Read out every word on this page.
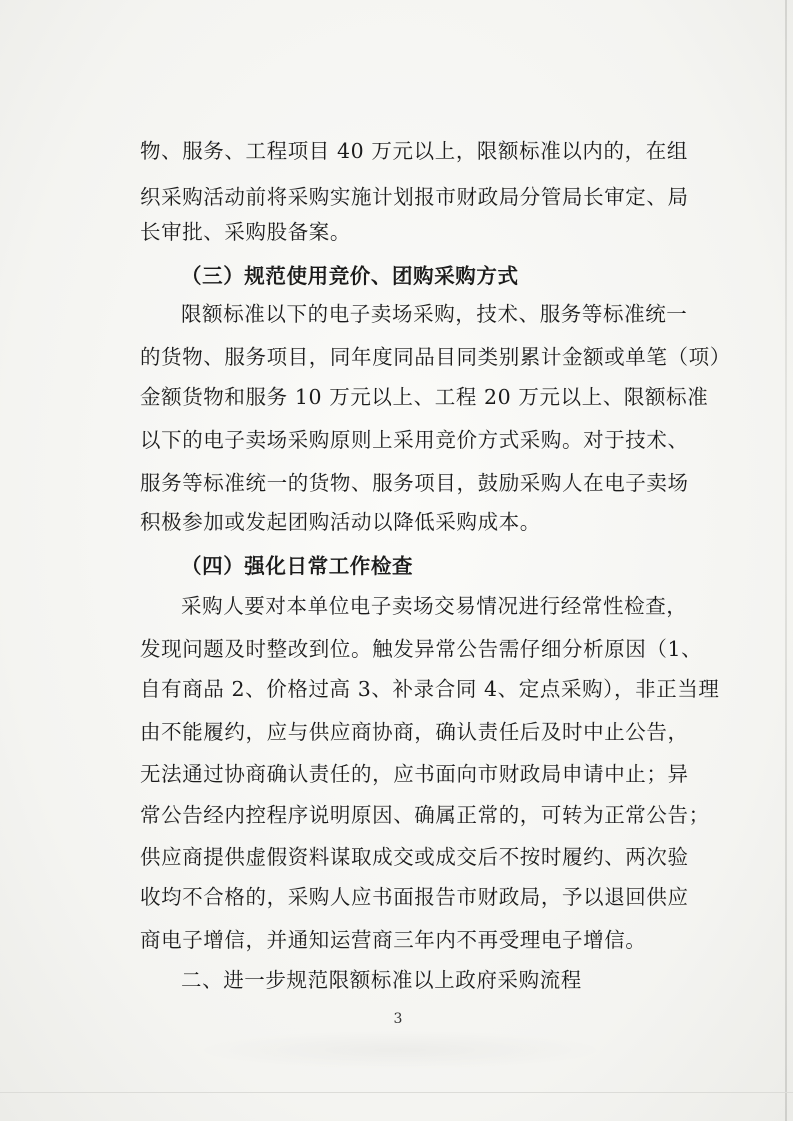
物、服务、工程项目 40 万元以上，限额标准以内的，在组
织采购活动前将采购实施计划报市财政局分管局长审定、局
长审批、采购股备案。
（三）规范使用竞价、团购采购方式
限额标准以下的电子卖场采购，技术、服务等标准统一
的货物、服务项目，同年度同品目同类别累计金额或单笔（项）
金额货物和服务 10 万元以上、工程 20 万元以上、限额标准
以下的电子卖场采购原则上采用竞价方式采购。对于技术、
服务等标准统一的货物、服务项目，鼓励采购人在电子卖场
积极参加或发起团购活动以降低采购成本。
（四）强化日常工作检查
采购人要对本单位电子卖场交易情况进行经常性检查，
发现问题及时整改到位。触发异常公告需仔细分析原因（1、
自有商品 2、价格过高 3、补录合同 4、定点采购），非正当理
由不能履约，应与供应商协商，确认责任后及时中止公告，
无法通过协商确认责任的，应书面向市财政局申请中止；异
常公告经内控程序说明原因、确属正常的，可转为正常公告；
供应商提供虚假资料谋取成交或成交后不按时履约、两次验
收均不合格的，采购人应书面报告市财政局，予以退回供应
商电子增信，并通知运营商三年内不再受理电子增信。
二、进一步规范限额标准以上政府采购流程
3
